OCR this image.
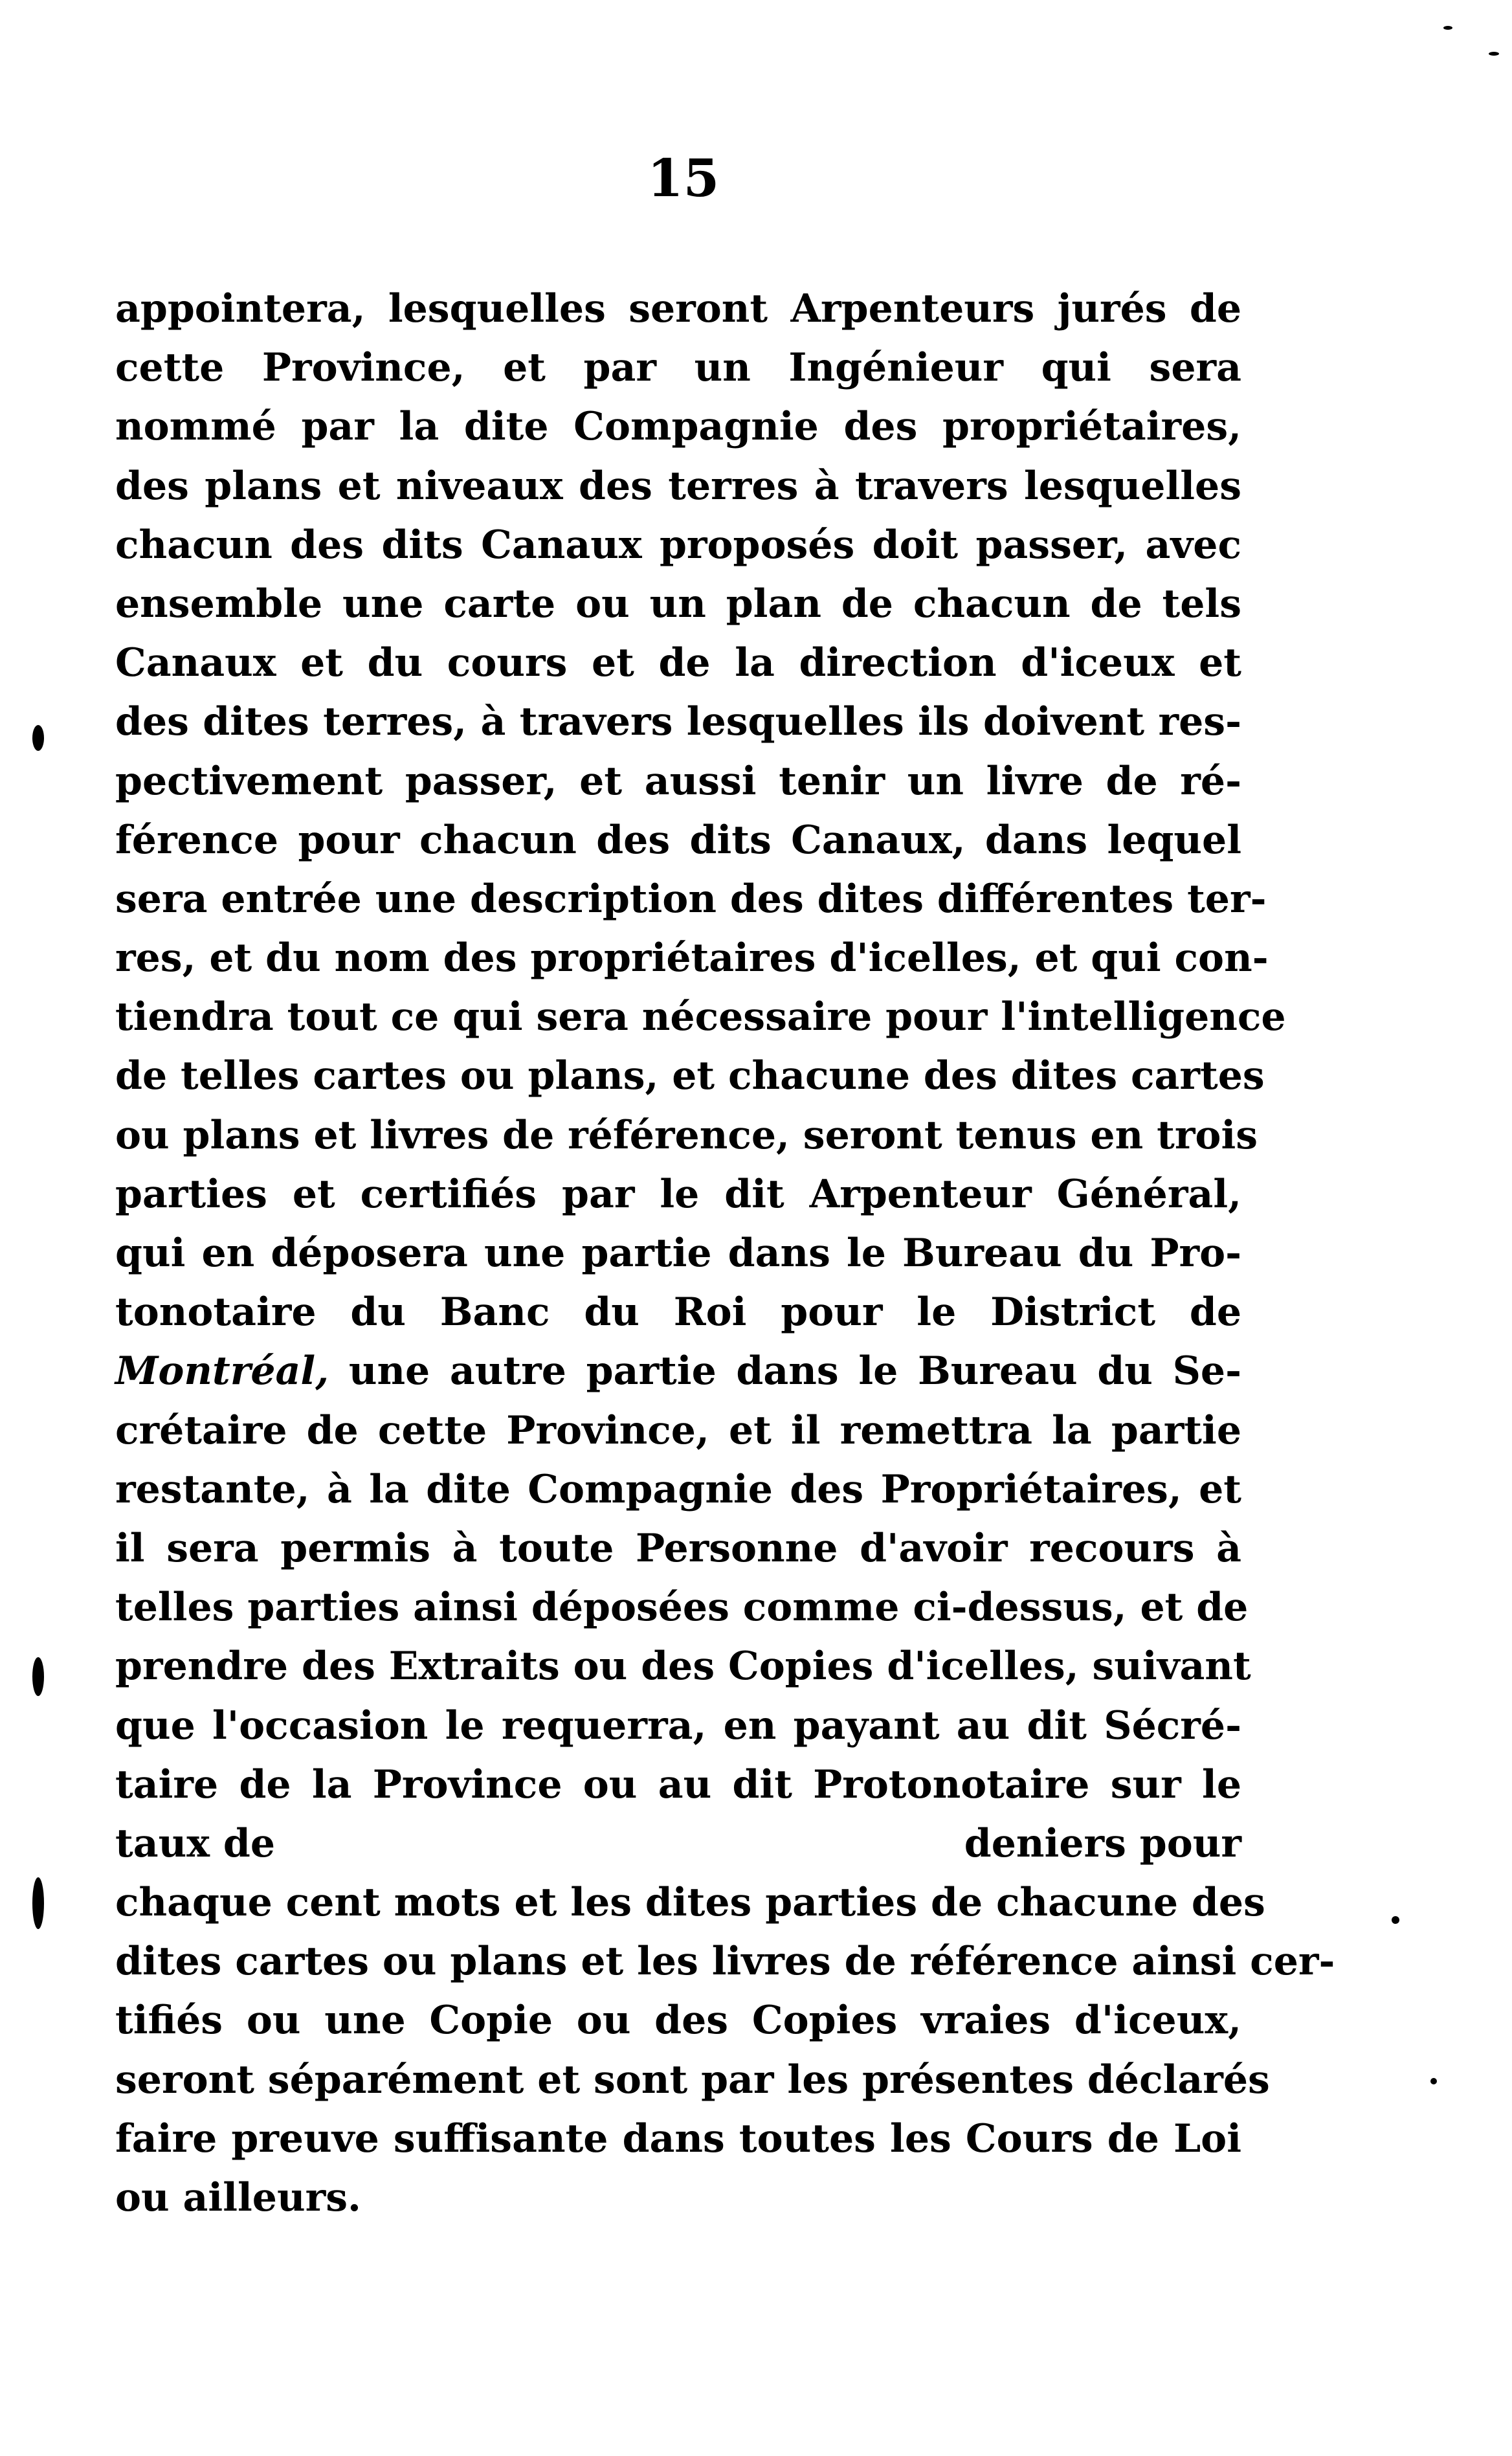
15
appointera, lesquelles seront Arpenteurs jurés de
cette Province, et par un Ingénieur qui sera
nommé par la dite Compagnie des propriétaires,
des plans et niveaux des terres à travers lesquelles
chacun des dits Canaux proposés doit passer, avec
ensemble une carte ou un plan de chacun de tels
Canaux et du cours et de la direction d'iceux et
des dites terres, à travers lesquelles ils doivent res-
pectivement passer, et aussi tenir un livre de ré-
férence pour chacun des dits Canaux, dans lequel
sera entrée une description des dites différentes ter-
res, et du nom des propriétaires d'icelles, et qui con-
tiendra tout ce qui sera nécessaire pour l'intelligence
de telles cartes ou plans, et chacune des dites cartes
ou plans et livres de référence, seront tenus en trois
parties et certifiés par le dit Arpenteur Général,
qui en déposera une partie dans le Bureau du Pro-
tonotaire du Banc du Roi pour le District de
Montréal, une autre partie dans le Bureau du Se-
crétaire de cette Province, et il remettra la partie
restante, à la dite Compagnie des Propriétaires, et
il sera permis à toute Personne d'avoir recours à
telles parties ainsi déposées comme ci-dessus, et de
prendre des Extraits ou des Copies d'icelles, suivant
que l'occasion le requerra, en payant au dit Sécré-
taire de la Province ou au dit Protonotaire sur le
taux de	deniers pour
chaque cent mots et les dites parties de chacune des
dites cartes ou plans et les livres de référence ainsi cer-
tifiés ou une Copie ou des Copies vraies d'iceux,
seront séparément et sont par les présentes déclarés
faire preuve suffisante dans toutes les Cours de Loi
ou ailleurs.
